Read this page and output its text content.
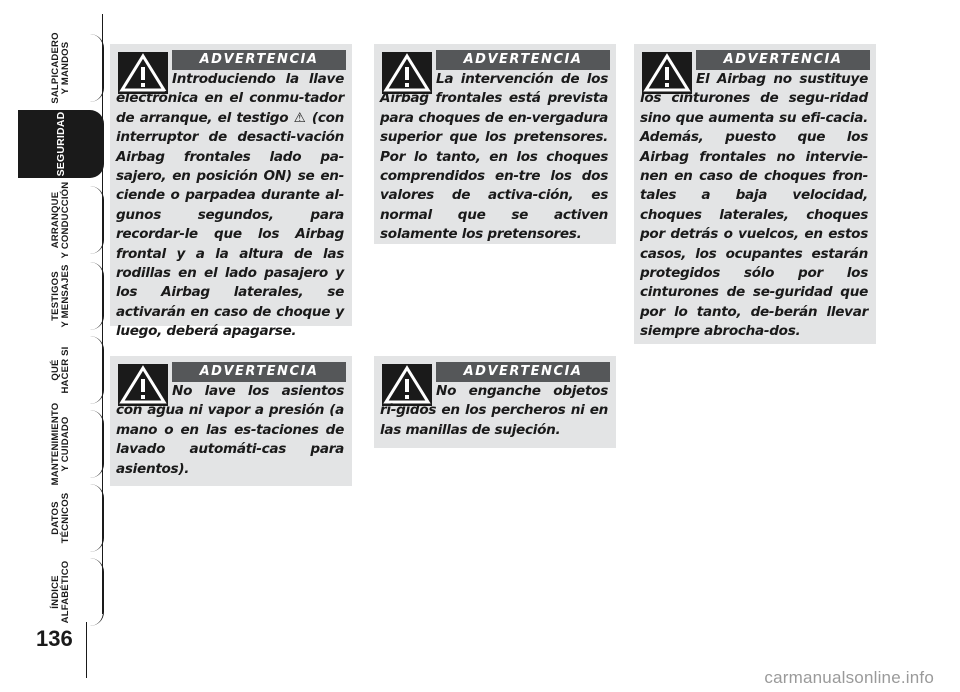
SALPICADERO
Y MANDOS
SEGURIDAD
ARRANQUE
Y CONDUCCIÓN
TESTIGOS
Y MENSAJES
QUÉ
HACER SI
MANTENIMIENTO
Y CUIDADO
DATOS
TÉCNICOS
ÍNDICE
ALFABÉTICO
136
ADVERTENCIA
Introduciendo la llave electrónica en el conmu-tador de arranque, el testigo ⚠ (con interruptor de desacti-vación Airbag frontales lado pa-sajero, en posición ON) se en-ciende o parpadea durante al-gunos segundos, para recordar-le que los Airbag frontal y a la altura de las rodillas en el lado pasajero y los Airbag laterales, se activarán en caso de choque y luego, deberá apagarse.
ADVERTENCIA
La intervención de los Airbag frontales está prevista para choques de en-vergadura superior que los pretensores. Por lo tanto, en los choques comprendidos en-tre los dos valores de activa-ción, es normal que se activen solamente los pretensores.
ADVERTENCIA
El Airbag no sustituye los cinturones de segu-ridad sino que aumenta su efi-cacia. Además, puesto que los Airbag frontales no intervie-nen en caso de choques fron-tales a baja velocidad, choques laterales, choques por detrás o vuelcos, en estos casos, los ocupantes estarán protegidos sólo por los cinturones de se-guridad que por lo tanto, de-berán llevar siempre abrocha-dos.
ADVERTENCIA
No lave los asientos con agua ni vapor a presión (a mano o en las es-taciones de lavado automáti-cas para asientos).
ADVERTENCIA
No enganche objetos rí-gidos en los percheros ni en las manillas de sujeción.
carmanualsonline.info
